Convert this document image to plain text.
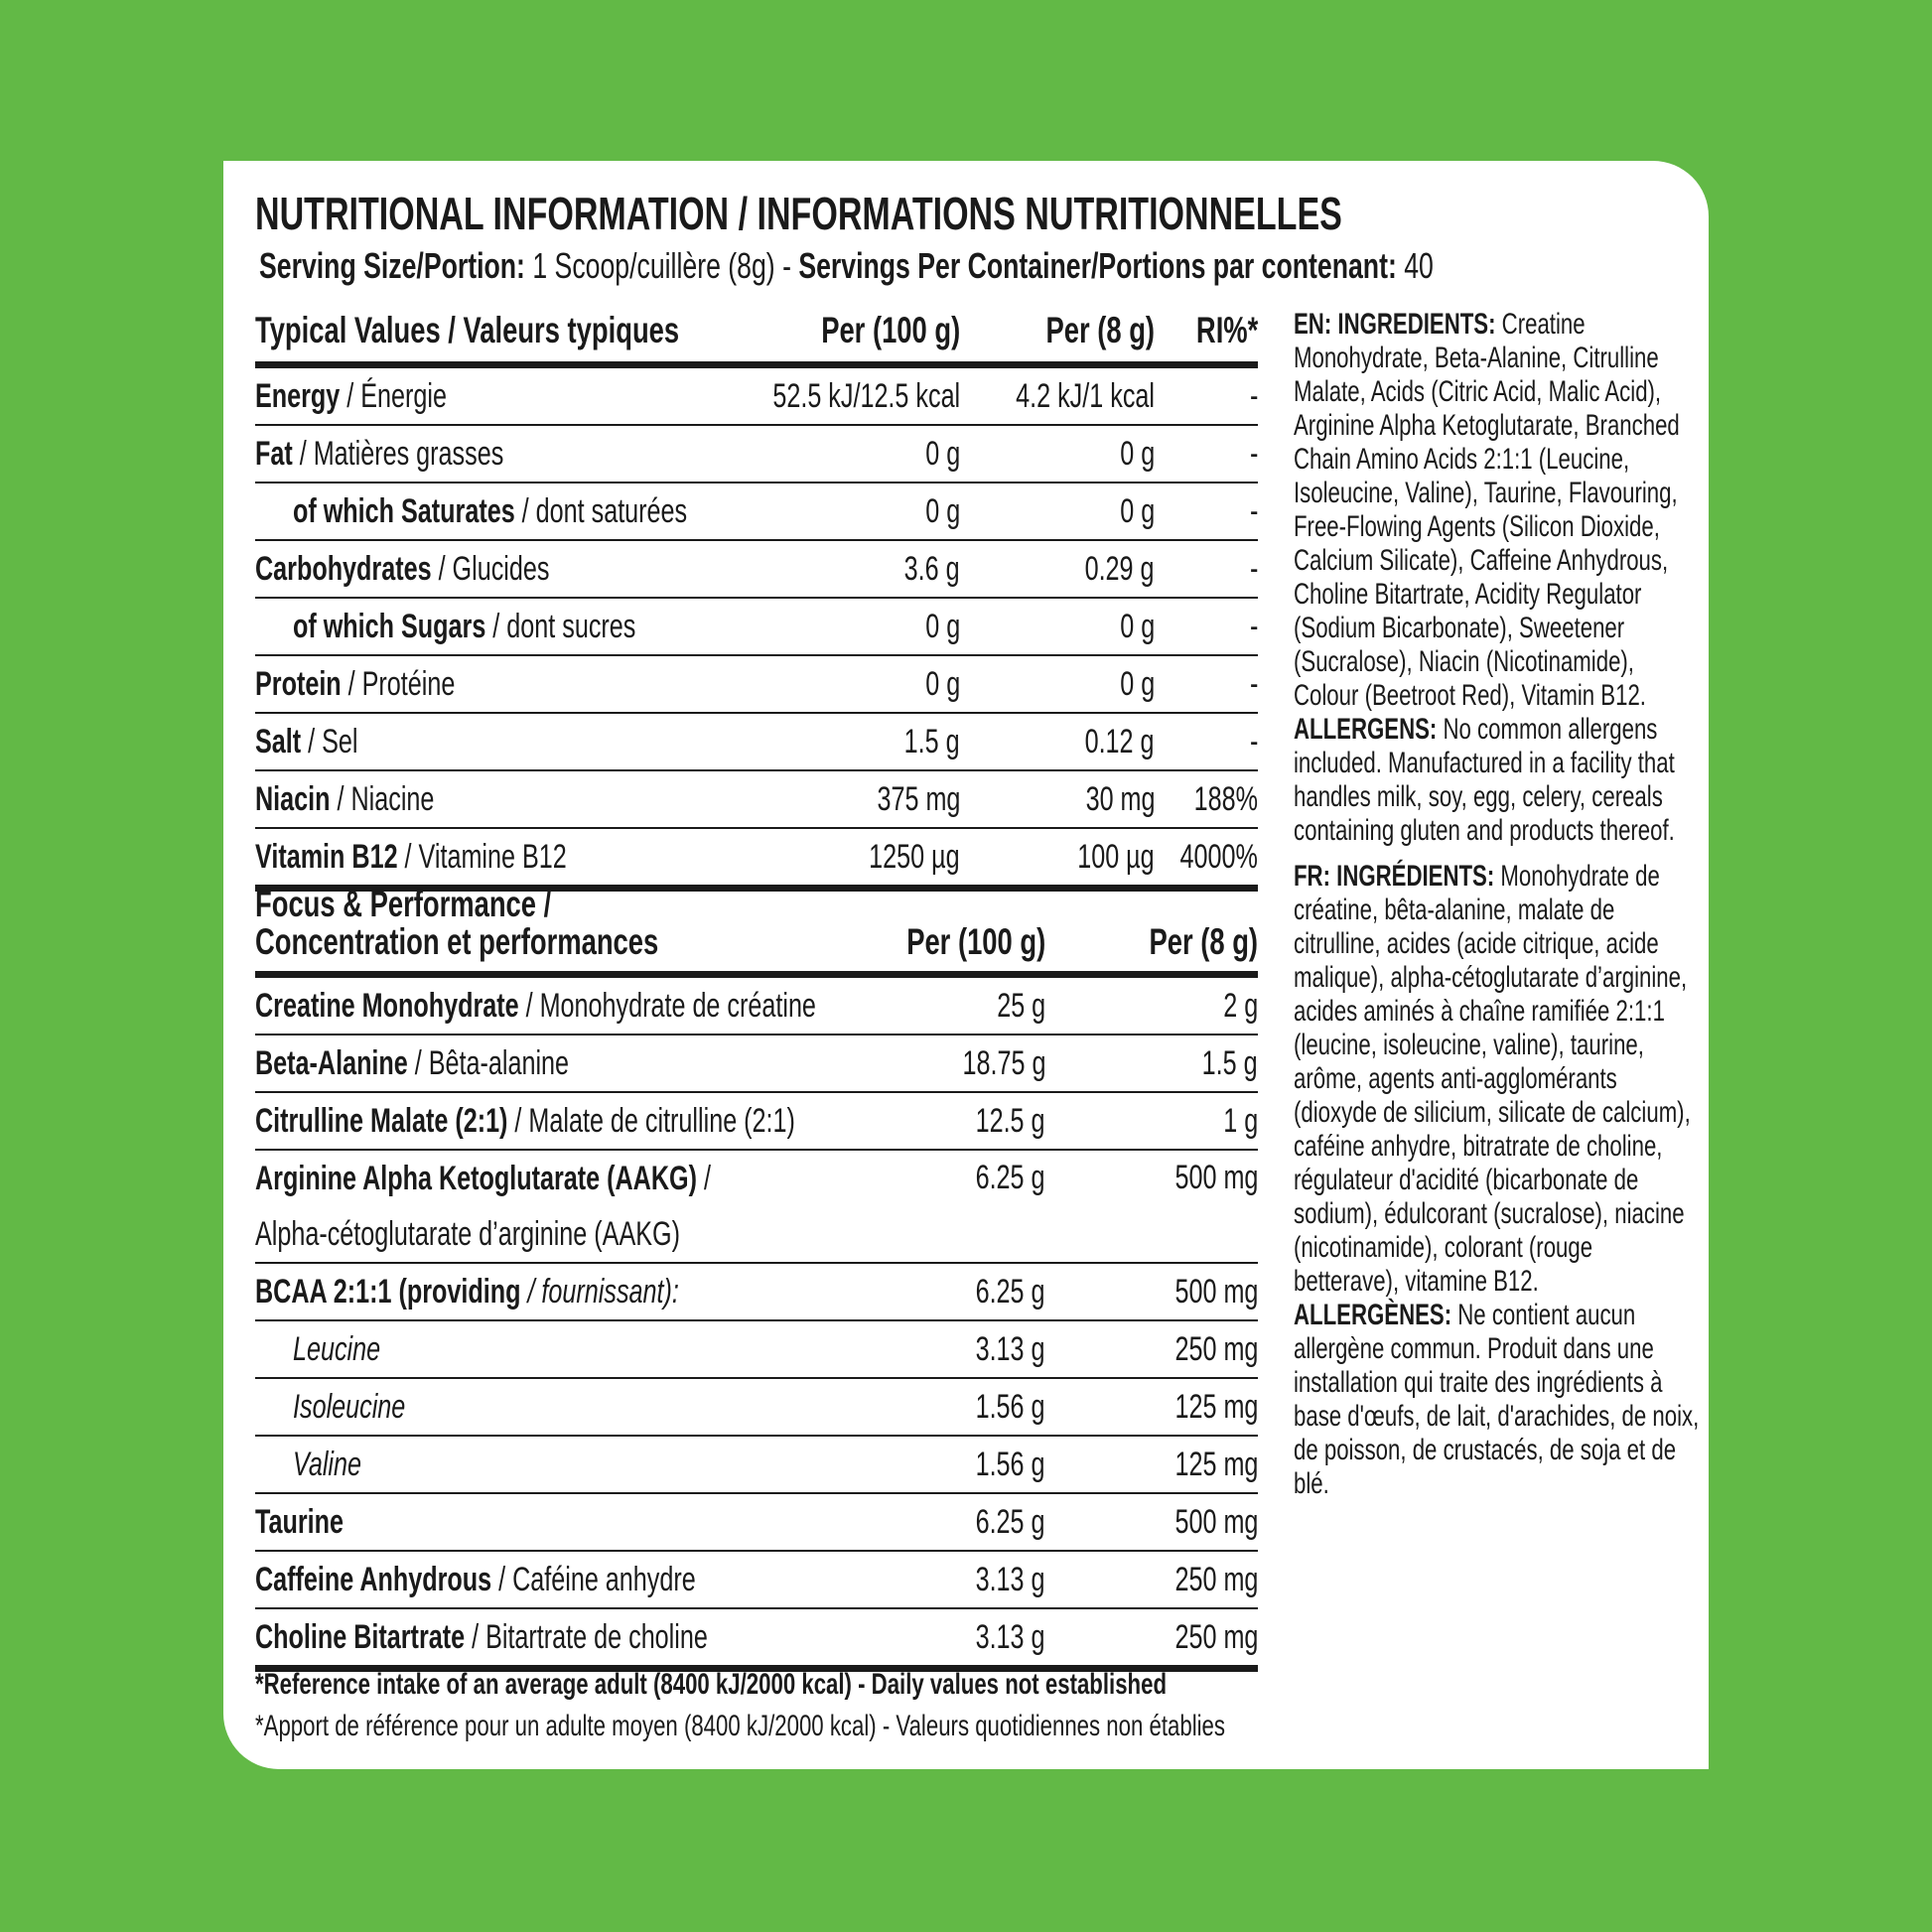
NUTRITIONAL INFORMATION / INFORMATIONS NUTRITIONNELLES
Serving Size/Portion: 1 Scoop/cuillère (8g) - Servings Per Container/Portions par contenant: 40
Typical Values / Valeurs typiques	Per (100 g) Per (8 g) RI%*
Energy / Énergie	52.5 kJ/12.5 kcal 4.2 kJ/1 kcal	-
Fat / Matières grasses	0 g	0 g	-
of which Saturates / dont saturées	0 g	0 g	-
Carbohydrates / Glucides	3.6 g	0.29 g	-
of which Sugars / dont sucres	0 g	0 g	-
Protein / Protéine	0 g	0 g	-
Salt / Sel	1.5 g	0.12 g	-
Niacin / Niacine	375 mg	30 mg 188%
Vitamin B12 / Vitamine B12	1250 µg	100 µg 4000%
Focus & Performance /
Concentration et performances	Per (100 g)	Per (8 g)
Creatine Monohydrate / Monohydrate de créatine	25 g	2 g
Beta-Alanine / Bêta-alanine	18.75 g	1.5 g
Citrulline Malate (2:1) / Malate de citrulline (2:1)	12.5 g	1 g
Arginine Alpha Ketoglutarate (AAKG) /
Alpha-cétoglutarate d’arginine (AAKG)
6.25 g	500 mg
BCAA 2:1:1 (providing / fournissant):	6.25 g	500 mg
Leucine	3.13 g	250 mg
Isoleucine	1.56 g	125 mg
Valine	1.56 g	125 mg
Taurine	6.25 g	500 mg
Caffeine Anhydrous / Caféine anhydre	3.13 g	250 mg
Choline Bitartrate / Bitartrate de choline	3.13 g	250 mg
*Reference intake of an average adult (8400 kJ/2000 kcal) - Daily values not established
*Apport de référence pour un adulte moyen (8400 kJ/2000 kcal) - Valeurs quotidiennes non établies

EN: INGREDIENTS: Creatine Monohydrate, Beta-Alanine, Citrulline Malate, Acids (Citric Acid, Malic Acid), Arginine Alpha Ketoglutarate, Branched Chain Amino Acids 2:1:1 (Leucine, Isoleucine, Valine), Taurine, Flavouring, Free-Flowing Agents (Silicon Dioxide, Calcium Silicate), Caffeine Anhydrous, Choline Bitartrate, Acidity Regulator (Sodium Bicarbonate), Sweetener (Sucralose), Niacin (Nicotinamide), Colour (Beetroot Red), Vitamin B12.
ALLERGENS: No common allergens included. Manufactured in a facility that handles milk, soy, egg, celery, cereals containing gluten and products thereof.

FR: INGRÉDIENTS: Monohydrate de créatine, bêta-alanine, malate de citrulline, acides (acide citrique, acide malique), alpha-cétoglutarate d’arginine, acides aminés à chaîne ramifiée 2:1:1 (leucine, isoleucine, valine), taurine, arôme, agents anti-agglomérants (dioxyde de silicium, silicate de calcium), caféine anhydre, bitratrate de choline, régulateur d'acidité (bicarbonate de sodium), édulcorant (sucralose), niacine (nicotinamide), colorant (rouge betterave), vitamine B12.
ALLERGÈNES: Ne contient aucun allergène commun. Produit dans une installation qui traite des ingrédients à base d'œufs, de lait, d'arachides, de noix, de poisson, de crustacés, de soja et de blé.
